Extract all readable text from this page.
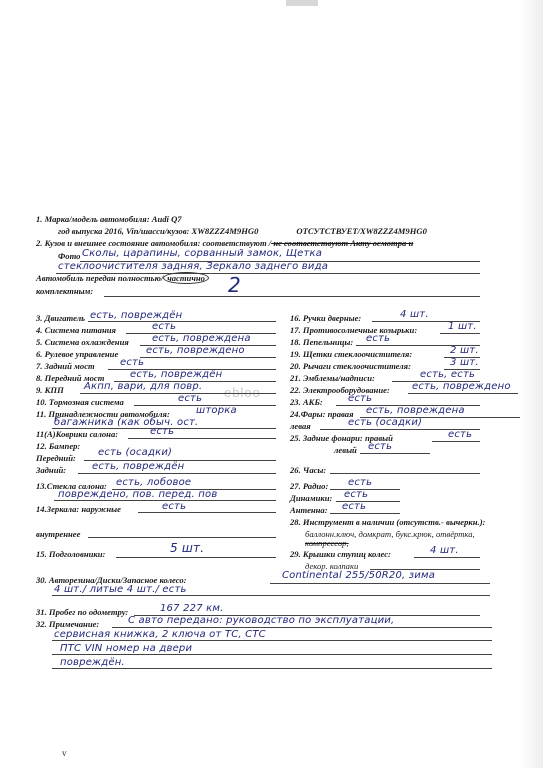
ebloo
1. Марка/модель автомобиля: Audi Q7
год выпуска 2016, Vin/шасси/кузов: XW8ZZZ4M9HG0	ОТСУТСТВУЕТ/XW8ZZZ4M9HG0
2. Кузов и внешнее состояние автомобиля: соответствуют / не соответствуют Акту осмотра и
Фото Сколы, царапины, сорванный замок, Щетка
стеклоочистителя задняя, Зеркало заднего вида
Автомобиль передан полностью/ частично
комплектным:	2
3. Двигатель есть, повреждён
4. Система питания	есть
5. Система охлаждения есть, повреждена
6. Рулевое управление	есть, повреждено
7. Задний мост	есть
8. Передний мост	есть, повреждён
9. КПП Акпп, вари, для повр.
10. Тормозная система	есть
11. Принадлежности автомобиля:	шторка
багажника (как обыч. ост.
11(А)Коврики салона:	есть
12. Бампер:
Передний: есть (осадки)
Задний:	есть, повреждён
16. Ручки дверные:	4 шт.
17. Противосолнечные козырьки:	1 шт.
18. Пепельницы: есть
19. Щетки стеклоочистителя:	2 шт.
20. Рычаги стеклоочистителя:	3 шт.
21. Эмблемы/надписи:	есть, есть
22. Электрооборудование: есть, повреждено
23. АКБ:	есть
24.Фары: правая есть, повреждена
левая	есть (осадки)
25. Задние фонари: правый	есть
левый есть
26. Часы:
13.Стекла салона: есть, лобовое
повреждено, пов. перед. пов
14.Зеркала: наружные	есть
внутреннее
15. Подголовники:	5 шт.
27. Радио: есть
Динамики: есть
Антенна: есть
28. Инструмент в наличии (отсутств.- вычеркн.):
баллонн.ключ, домкрат, букс.крюк, отвёртка,
компрессор,
29. Крышки ступиц колес:	4 шт.
декор. колпаки
30. Авторезина/Диски/Запасное колесо:	Continental 255/50R20, зима
4 шт./ литые 4 шт./ есть
31. Пробег по одометру:	167 227 км.
32. Примечание:	С авто передано: руководство по эксплуатации,
сервисная книжка, 2 ключа от ТС, СТС
ПТС VIN номер на двери
повреждён.
v
